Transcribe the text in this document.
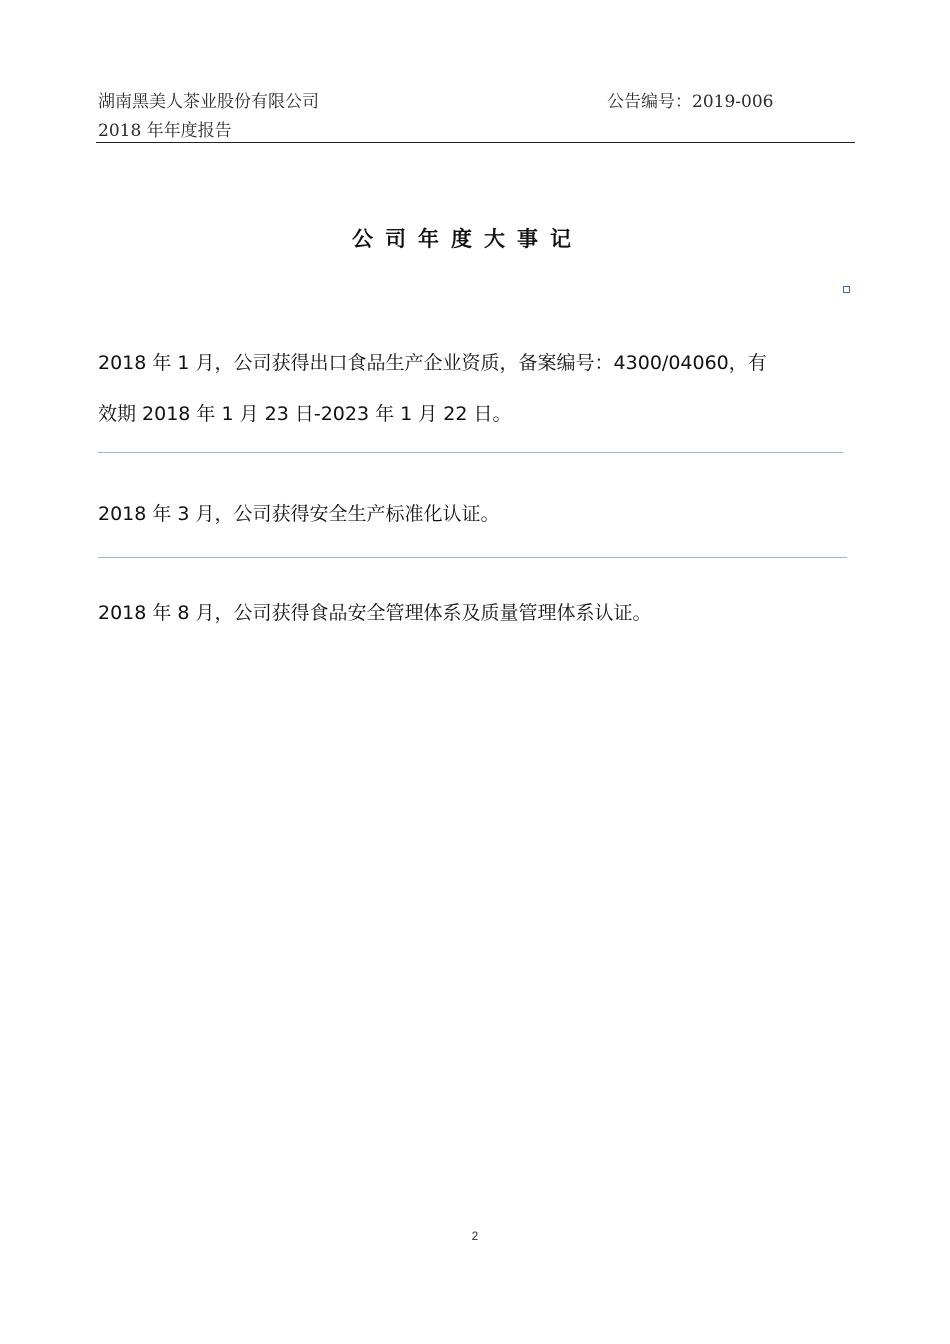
湖南黑美人茶业股份有限公司	公告编号：2019-006
2018 年年度报告
公司年度大事记
2018 年 1 月，公司获得出口食品生产企业资质，备案编号：4300/04060，有
效期 2018 年 1 月 23 日-2023 年 1 月 22 日。
2018 年 3 月，公司获得安全生产标准化认证。
2018 年 8 月，公司获得食品安全管理体系及质量管理体系认证。
2
